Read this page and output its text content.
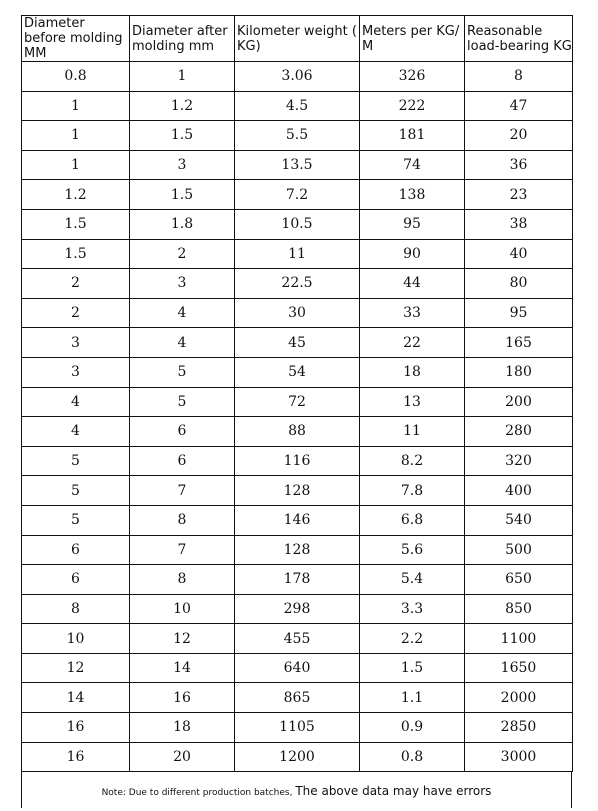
Diameter before molding MM	Diameter after molding mm	Kilometer weight ( KG)	Meters per KG/ M	Reasonable load-bearing KG
0.8	1	3.06	326	8
1	1.2	4.5	222	47
1	1.5	5.5	181	20
1	3	13.5	74	36
1.2	1.5	7.2	138	23
1.5	1.8	10.5	95	38
1.5	2	11	90	40
2	3	22.5	44	80
2	4	30	33	95
3	4	45	22	165
3	5	54	18	180
4	5	72	13	200
4	6	88	11	280
5	6	116	8.2	320
5	7	128	7.8	400
5	8	146	6.8	540
6	7	128	5.6	500
6	8	178	5.4	650
8	10	298	3.3	850
10	12	455	2.2	1100
12	14	640	1.5	1650
14	16	865	1.1	2000
16	18	1105	0.9	2850
16	20	1200	0.8	3000
Note: Due to different production batches, The above data may have errors
